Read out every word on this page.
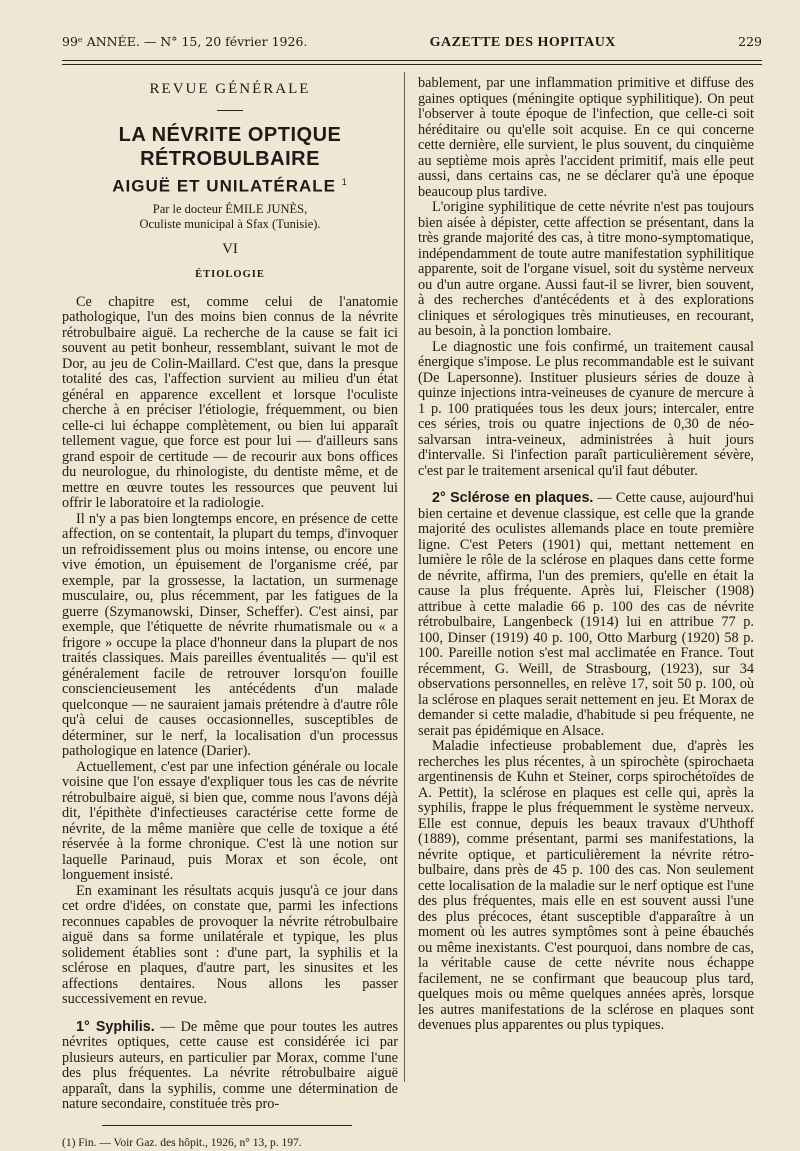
99ᵉ ANNÉE. — N° 15, 20 février 1926.	GAZETTE DES HOPITAUX	229
REVUE GÉNÉRALE
LA NÉVRITE OPTIQUE RÉTROBULBAIRE
AIGUË ET UNILATÉRALE $^1$
Par le docteur ÉMILE JUNÈS,
Oculiste municipal à Sfax (Tunisie).
VI
ÉTIOLOGIE

Ce chapitre est, comme celui de l'anatomie pathologique, l'un des moins bien connus de la névrite rétrobulbaire aiguë. La recherche de la cause se fait ici souvent au petit bonheur, ressemblant, suivant le mot de Dor, au jeu de Colin-Maillard. C'est que, dans la presque totalité des cas, l'affection survient au milieu d'un état général en apparence excellent et lorsque l'oculiste cherche à en préciser l'étiologie, fréquemment, ou bien celle-ci lui échappe complètement, ou bien lui apparaît tellement vague, que force est pour lui — d'ailleurs sans grand espoir de certitude — de recourir aux bons offices du neurologue, du rhinologiste, du dentiste même, et de mettre en œuvre toutes les ressources que peuvent lui offrir le laboratoire et la radiologie.

Il n'y a pas bien longtemps encore, en présence de cette affection, on se contentait, la plupart du temps, d'invoquer un refroidissement plus ou moins intense, ou encore une vive émotion, un épuisement de l'organisme créé, par exemple, par la grossesse, la lactation, un surmenage musculaire, ou, plus récemment, par les fatigues de la guerre (Szymanowski, Dinser, Scheffer). C'est ainsi, par exemple, que l'étiquette de névrite rhumatismale ou « a frigore » occupe la place d'honneur dans la plupart de nos traités classiques. Mais pareilles éventualités — qu'il est généralement facile de retrouver lorsqu'on fouille consciencieusement les antécédents d'un malade quelconque — ne sauraient jamais prétendre à d'autre rôle qu'à celui de causes occasionnelles, susceptibles de déterminer, sur le nerf, la localisation d'un processus pathologique en latence (Darier).

Actuellement, c'est par une infection générale ou locale voisine que l'on essaye d'expliquer tous les cas de névrite rétrobulbaire aiguë, si bien que, comme nous l'avons déjà dit, l'épithète d'infectieuses caractérise cette forme de névrite, de la même manière que celle de toxique a été réservée à la forme chronique. C'est là une notion sur laquelle Parinaud, puis Morax et son école, ont longuement insisté.

En examinant les résultats acquis jusqu'à ce jour dans cet ordre d'idées, on constate que, parmi les infections reconnues capables de provoquer la névrite rétrobulbaire aiguë dans sa forme unilatérale et typique, les plus solidement établies sont : d'une part, la syphilis et la sclérose en plaques, d'autre part, les sinusites et les affections dentaires. Nous allons les passer successivement en revue.

1° Syphilis. — De même que pour toutes les autres névrites optiques, cette cause est considérée ici par plusieurs auteurs, en particulier par Morax, comme l'une des plus fréquentes. La névrite rétrobulbaire aiguë apparaît, dans la syphilis, comme une détermination de nature secondaire, constituée très pro-

(1) Fin. — Voir Gaz. des hôpit., 1926, n° 13, p. 197.

bablement, par une inflammation primitive et diffuse des gaines optiques (méningite optique syphilitique). On peut l'observer à toute époque de l'infection, que celle-ci soit héréditaire ou qu'elle soit acquise. En ce qui concerne cette dernière, elle survient, le plus souvent, du cinquième au septième mois après l'accident primitif, mais elle peut aussi, dans certains cas, ne se déclarer qu'à une époque beaucoup plus tardive.

L'origine syphilitique de cette névrite n'est pas toujours bien aisée à dépister, cette affection se présentant, dans la très grande majorité des cas, à titre mono-symptomatique, indépendamment de toute autre manifestation syphilitique apparente, soit de l'organe visuel, soit du système nerveux ou d'un autre organe. Aussi faut-il se livrer, bien souvent, à des recherches d'antécédents et à des explorations cliniques et sérologiques très minutieuses, en recourant, au besoin, à la ponction lombaire.

Le diagnostic une fois confirmé, un traitement causal énergique s'impose. Le plus recommandable est le suivant (De Lapersonne). Instituer plusieurs séries de douze à quinze injections intra-veineuses de cyanure de mercure à 1 p. 100 pratiquées tous les deux jours; intercaler, entre ces séries, trois ou quatre injections de 0,30 de néo-salvarsan intra-veineux, administrées à huit jours d'intervalle. Si l'infection paraît particulièrement sévère, c'est par le traitement arsenical qu'il faut débuter.

2° Sclérose en plaques. — Cette cause, aujourd'hui bien certaine et devenue classique, est celle que la grande majorité des oculistes allemands place en toute première ligne. C'est Peters (1901) qui, mettant nettement en lumière le rôle de la sclérose en plaques dans cette forme de névrite, affirma, l'un des premiers, qu'elle en était la cause la plus fréquente. Après lui, Fleischer (1908) attribue à cette maladie 66 p. 100 des cas de névrite rétrobulbaire, Langenbeck (1914) lui en attribue 77 p. 100, Dinser (1919) 40 p. 100, Otto Marburg (1920) 58 p. 100. Pareille notion s'est mal acclimatée en France. Tout récemment, G. Weill, de Strasbourg, (1923), sur 34 observations personnelles, en relève 17, soit 50 p. 100, où la sclérose en plaques serait nettement en jeu. Et Morax de demander si cette maladie, d'habitude si peu fréquente, ne serait pas épidémique en Alsace.

Maladie infectieuse probablement due, d'après les recherches les plus récentes, à un spirochète (spirochaeta argentinensis de Kuhn et Steiner, corps spirochétoïdes de A. Pettit), la sclérose en plaques est celle qui, après la syphilis, frappe le plus fréquemment le système nerveux. Elle est connue, depuis les beaux travaux d'Uhthoff (1889), comme présentant, parmi ses manifestations, la névrite optique, et particulièrement la névrite rétro-bulbaire, dans près de 45 p. 100 des cas. Non seulement cette localisation de la maladie sur le nerf optique est l'une des plus fréquentes, mais elle en est souvent aussi l'une des plus précoces, étant susceptible d'apparaître à un moment où les autres symptômes sont à peine ébauchés ou même inexistants. C'est pourquoi, dans nombre de cas, la véritable cause de cette névrite nous échappe facilement, ne se confirmant que beaucoup plus tard, quelques mois ou même quelques années après, lorsque les autres manifestations de la sclérose en plaques sont devenues plus apparentes ou plus typiques.
